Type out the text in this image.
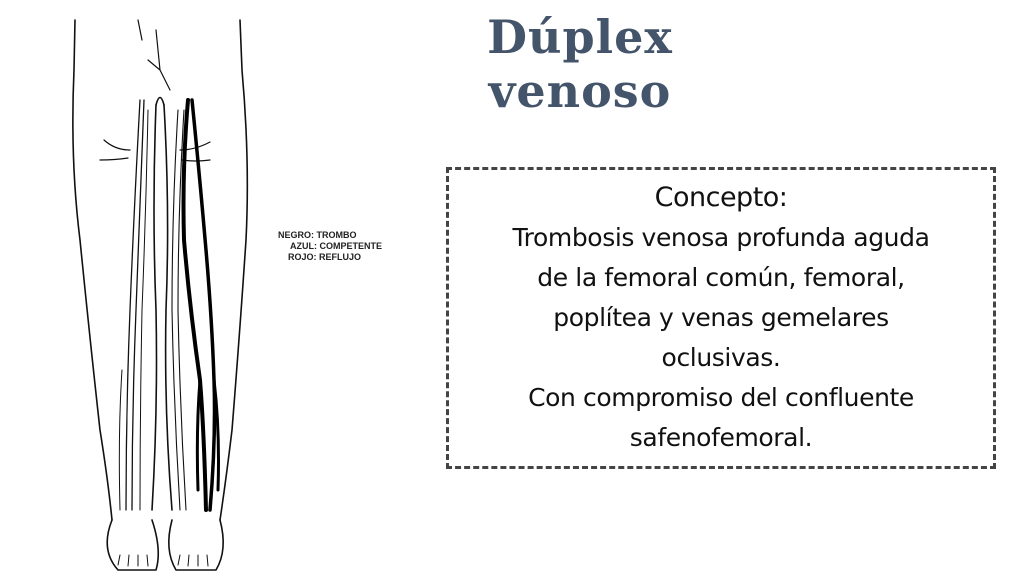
Dúplex venoso
NEGRO: TROMBO
AZUL: COMPETENTE
ROJO: REFLUJO
Concepto:
Trombosis venosa profunda aguda
de la femoral común, femoral,
poplítea y venas gemelares
oclusivas.
Con compromiso del confluente
safenofemoral.
